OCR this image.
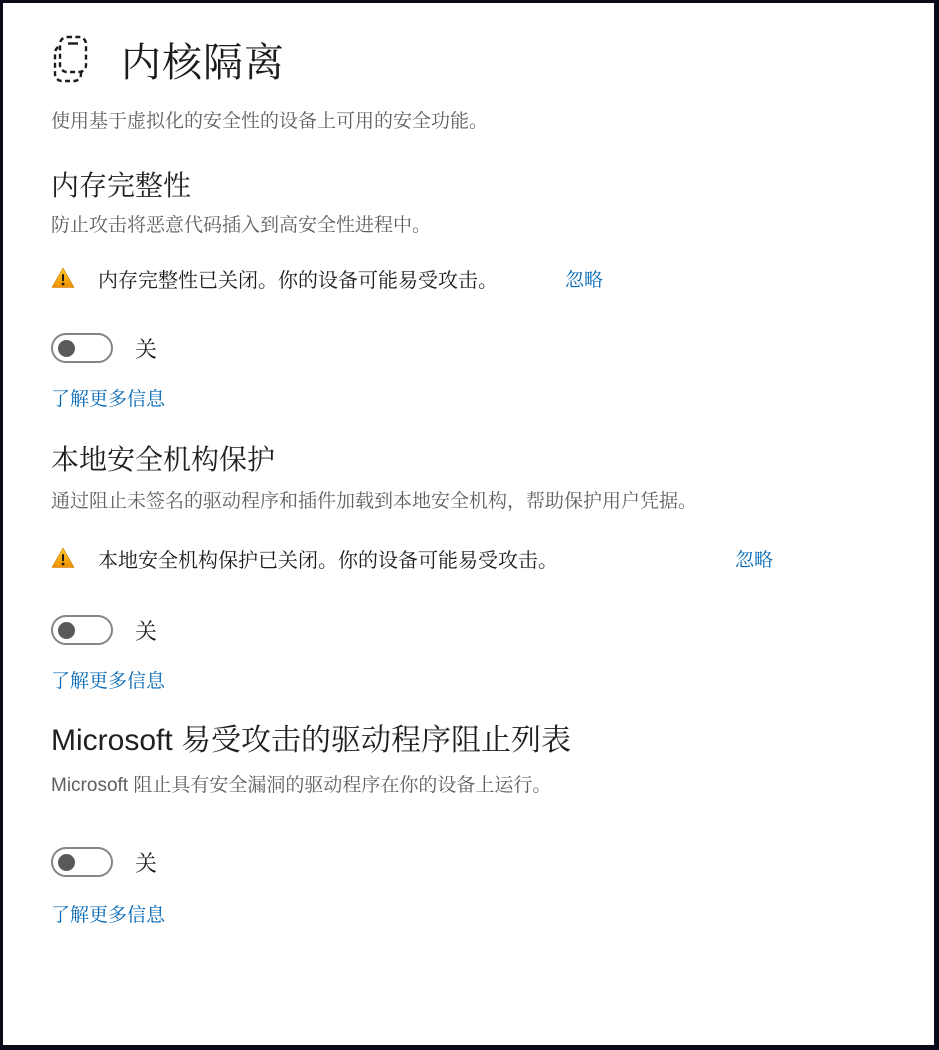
内核隔离

使用基于虚拟化的安全性的设备上可用的安全功能。

内存完整性

防止攻击将恶意代码插入到高安全性进程中。

内存完整性已关闭。你的设备可能易受攻击。	忽略
关
了解更多信息
本地安全机构保护

通过阻止未签名的驱动程序和插件加载到本地安全机构，帮助保护用户凭据。

本地安全机构保护已关闭。你的设备可能易受攻击。	忽略
关
了解更多信息
Microsoft 易受攻击的驱动程序阻止列表

Microsoft 阻止具有安全漏洞的驱动程序在你的设备上运行。

关
了解更多信息
